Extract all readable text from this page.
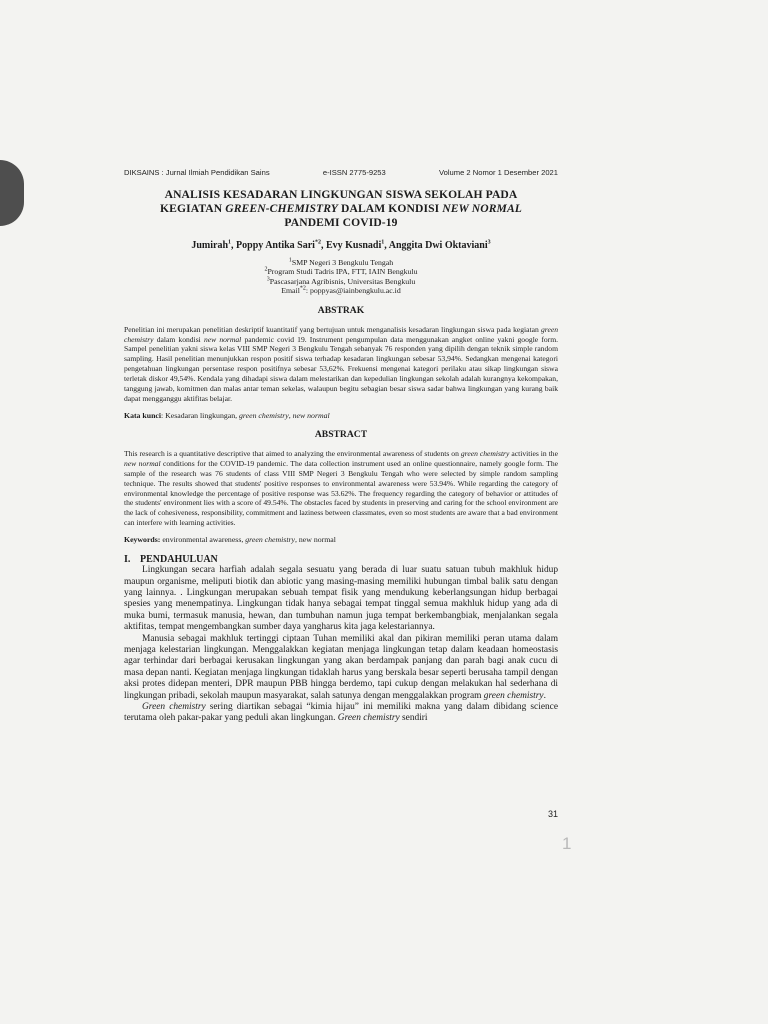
DIKSAINS : Jurnal Ilmiah Pendidikan Sains	e-ISSN 2775-9253	Volume 2 Nomor 1 Desember 2021
ANALISIS KESADARAN LINGKUNGAN SISWA SEKOLAH PADA
KEGIATAN GREEN-CHEMISTRY DALAM KONDISI NEW NORMAL
PANDEMI COVID-19
Jumirah$^1$, Poppy Antika Sari$^{*2}$, Evy Kusnadi$^1$, Anggita Dwi Oktaviani$^3$
$^1$SMP Negeri 3 Bengkulu Tengah
$^2$Program Studi Tadris IPA, FTT, IAIN Bengkulu
$^3$Pascasarjana Agribisnis, Universitas Bengkulu
Email$^{*2}$: poppyas@iainbengkulu.ac.id
ABSTRAK
Penelitian ini merupakan penelitian deskriptif kuantitatif yang bertujuan untuk menganalisis kesadaran lingkungan siswa pada kegiatan green chemistry dalam kondisi new normal pandemic covid 19. Instrument pengumpulan data menggunakan angket online yakni google form. Sampel penelitian yakni siswa kelas VIII SMP Negeri 3 Bengkulu Tengah sebanyak 76 responden yang dipilih dengan teknik simple random sampling. Hasil penelitian menunjukkan respon positif siswa terhadap kesadaran lingkungan sebesar 53,94%. Sedangkan mengenai kategori pengetahuan lingkungan persentase respon positifnya sebesar 53,62%. Frekuensi mengenai kategori perilaku atau sikap lingkungan siswa terletak diskor 49,54%. Kendala yang dihadapi siswa dalam melestarikan dan kepedulian lingkungan sekolah adalah kurangnya kekompakan, tanggung jawab, komitmen dan malas antar teman sekelas, walaupun begitu sebagian besar siswa sadar bahwa lingkungan yang kurang baik dapat mengganggu aktifitas belajar.
Kata kunci: Kesadaran lingkungan, green chemistry, new normal
ABSTRACT
This research is a quantitative descriptive that aimed to analyzing the environmental awareness of students on green chemistry activities in the new normal conditions for the COVID-19 pandemic. The data collection instrument used an online questionnaire, namely google form. The sample of the research was 76 students of class VIII SMP Negeri 3 Bengkulu Tengah who were selected by simple random sampling technique. The results showed that students' positive responses to environmental awareness were 53.94%. While regarding the category of environmental knowledge the percentage of positive response was 53.62%. The frequency regarding the category of behavior or attitudes of the students' environment lies with a score of 49.54%. The obstacles faced by students in preserving and caring for the school environment are the lack of cohesiveness, responsibility, commitment and laziness between classmates, even so most students are aware that a bad environment can interfere with learning activities.
Keywords: environmental awareness, green chemistry, new normal
I. PENDAHULUAN

Lingkungan secara harfiah adalah segala sesuatu yang berada di luar suatu satuan tubuh makhluk hidup maupun organisme, meliputi biotik dan abiotic yang masing-masing memiliki hubungan timbal balik satu dengan yang lainnya. . Lingkungan merupakan sebuah tempat fisik yang mendukung keberlangsungan hidup berbagai spesies yang menempatinya. Lingkungan tidak hanya sebagai tempat tinggal semua makhluk hidup yang ada di muka bumi, termasuk manusia, hewan, dan tumbuhan namun juga tempat berkembangbiak, menjalankan segala aktifitas, tempat mengembangkan sumber daya yangharus kita jaga kelestariannya.

Manusia sebagai makhluk tertinggi ciptaan Tuhan memiliki akal dan pikiran memiliki peran utama dalam menjaga kelestarian lingkungan. Menggalakkan kegiatan menjaga lingkungan tetap dalam keadaan homeostasis agar terhindar dari berbagai kerusakan lingkungan yang akan berdampak panjang dan parah bagi anak cucu di masa depan nanti. Kegiatan menjaga lingkungan tidaklah harus yang berskala besar seperti berusaha tampil dengan aksi protes didepan menteri, DPR maupun PBB hingga berdemo, tapi cukup dengan melakukan hal sederhana di lingkungan pribadi, sekolah maupun masyarakat, salah satunya dengan menggalakkan program green chemistry.

Green chemistry sering diartikan sebagai “kimia hijau” ini memiliki makna yang dalam dibidang science terutama oleh pakar-pakar yang peduli akan lingkungan. Green chemistry sendiri

31
1
